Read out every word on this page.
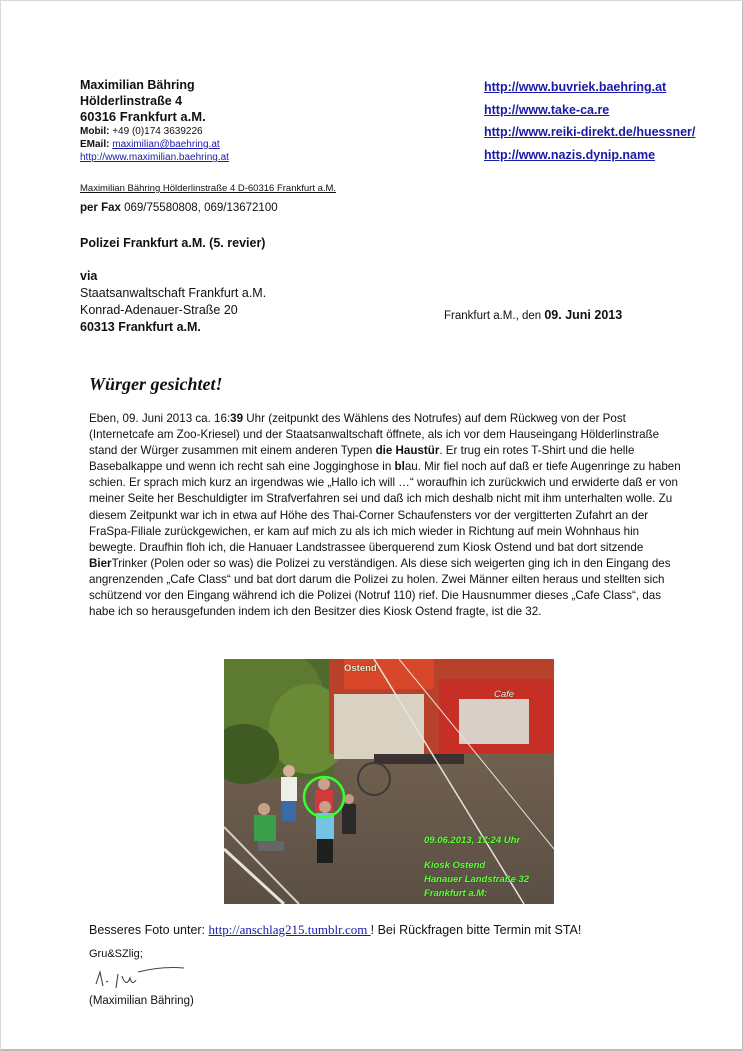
Maximilian Bähring
Hölderlinstraße 4
60316 Frankfurt a.M.
Mobil: +49 (0)174 3639226
EMail: maximilian@baehring.at
http://www.maximilian.baehring.at
http://www.buvriek.baehring.at
http://www.take-ca.re
http://www.reiki-direkt.de/huessner/
http://www.nazis.dynip.name
Maximilian Bähring Hölderlinstraße 4 D-60316 Frankfurt a.M.
per Fax 069/75580808, 069/13672100
Polizei Frankfurt a.M. (5. revier)
via
Staatsanwaltschaft Frankfurt a.M.
Konrad-Adenauer-Straße 20
60313 Frankfurt a.M.
Frankfurt a.M., den 09. Juni 2013
Würger gesichtet!
Eben, 09. Juni 2013 ca. 16:39 Uhr (zeitpunkt des Wählens des Notrufes) auf dem Rückweg von der Post (Internetcafe am Zoo-Kriesel) und der Staatsanwaltschaft öffnete, als ich vor dem Hauseingang Hölderlinstraße stand der Würger zusammen mit einem anderen Typen die Haustür. Er trug ein rotes T-Shirt und die helle Basebalkappe und wenn ich recht sah eine Jogginghose in blau. Mir fiel noch auf daß er tiefe Augenringe zu haben schien. Er sprach mich kurz an irgendwas wie „Hallo ich will …“ woraufhin ich zurückwich und erwiderte daß er von meiner Seite her Beschuldigter im Strafverfahren sei und daß ich mich deshalb nicht mit ihm unterhalten wolle. Zu diesem Zeitpunkt war ich in etwa auf Höhe des Thai-Corner Schaufensters vor der vergitterten Zufahrt an der FraSpa-Filiale zurückgewichen, er kam auf mich zu als ich mich wieder in Richtung auf mein Wohnhaus hin bewegte. Draufhin floh ich, die Hanuaer Landstrassee überquerend zum Kiosk Ostend und bat dort sitzende BierTrinker (Polen oder so was) die Polizei zu verständigen. Als diese sich weigerten ging ich in den Eingang des angrenzenden „Cafe Class“ und bat dort darum die Polizei zu holen. Zwei Männer eilten heraus und stellten sich schützend vor den Eingang während ich die Polizei (Notruf 110) rief. Die Hausnummer dieses „Cafe Class“, das habe ich so herausgefunden indem ich den Besitzer dies Kiosk Ostend fragte, ist die 32.
Ostend
Cafe
09.06.2013, 17:24 Uhr
Kiosk Ostend
Hanauer Landstraße 32
Frankfurt a.M:
Besseres Foto unter: http://anschlag215.tumblr.com ! Bei Rückfragen bitte Termin mit STA!
Gru&SZlig;
(Maximilian Bähring)
